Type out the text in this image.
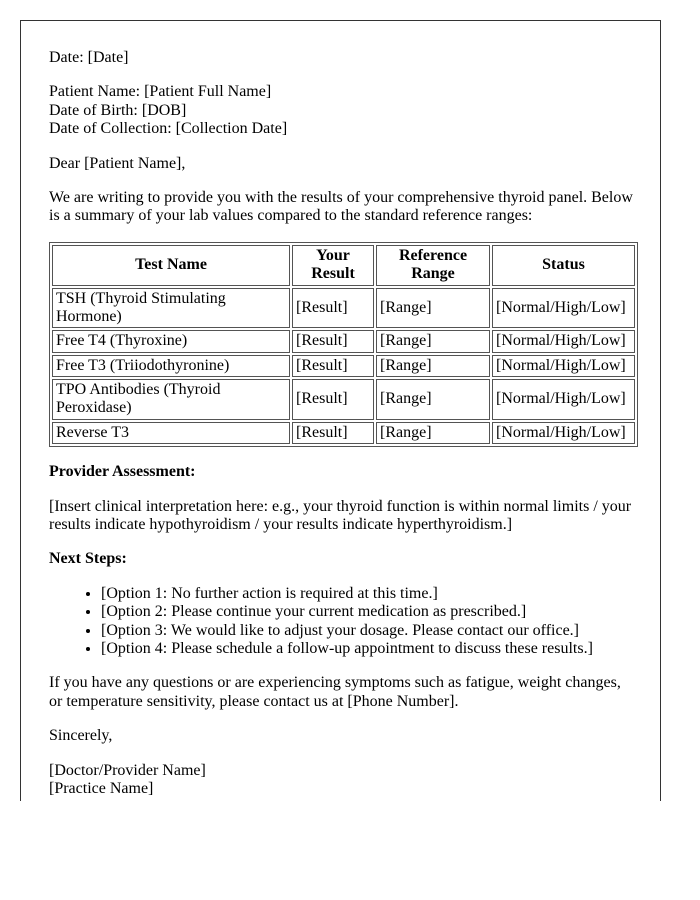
Date: [Date]

Patient Name: [Patient Full Name]
Date of Birth: [DOB]
Date of Collection: [Collection Date]

Dear [Patient Name],

We are writing to provide you with the results of your comprehensive thyroid panel. Below is a summary of your lab values compared to the standard reference ranges:

Test Name	Your Result	Reference Range	Status
TSH (Thyroid Stimulating Hormone)	[Result]	[Range]	[Normal/High/Low]
Free T4 (Thyroxine)	[Result]	[Range]	[Normal/High/Low]
Free T3 (Triiodothyronine)	[Result]	[Range]	[Normal/High/Low]
TPO Antibodies (Thyroid Peroxidase)	[Result]	[Range]	[Normal/High/Low]
Reverse T3	[Result]	[Range]	[Normal/High/Low]

Provider Assessment:

[Insert clinical interpretation here: e.g., your thyroid function is within normal limits / your results indicate hypothyroidism / your results indicate hyperthyroidism.]

Next Steps:

• [Option 1: No further action is required at this time.]
• [Option 2: Please continue your current medication as prescribed.]
• [Option 3: We would like to adjust your dosage. Please contact our office.]
• [Option 4: Please schedule a follow-up appointment to discuss these results.]

If you have any questions or are experiencing symptoms such as fatigue, weight changes, or temperature sensitivity, please contact us at [Phone Number].

Sincerely,

[Doctor/Provider Name]
[Practice Name]
